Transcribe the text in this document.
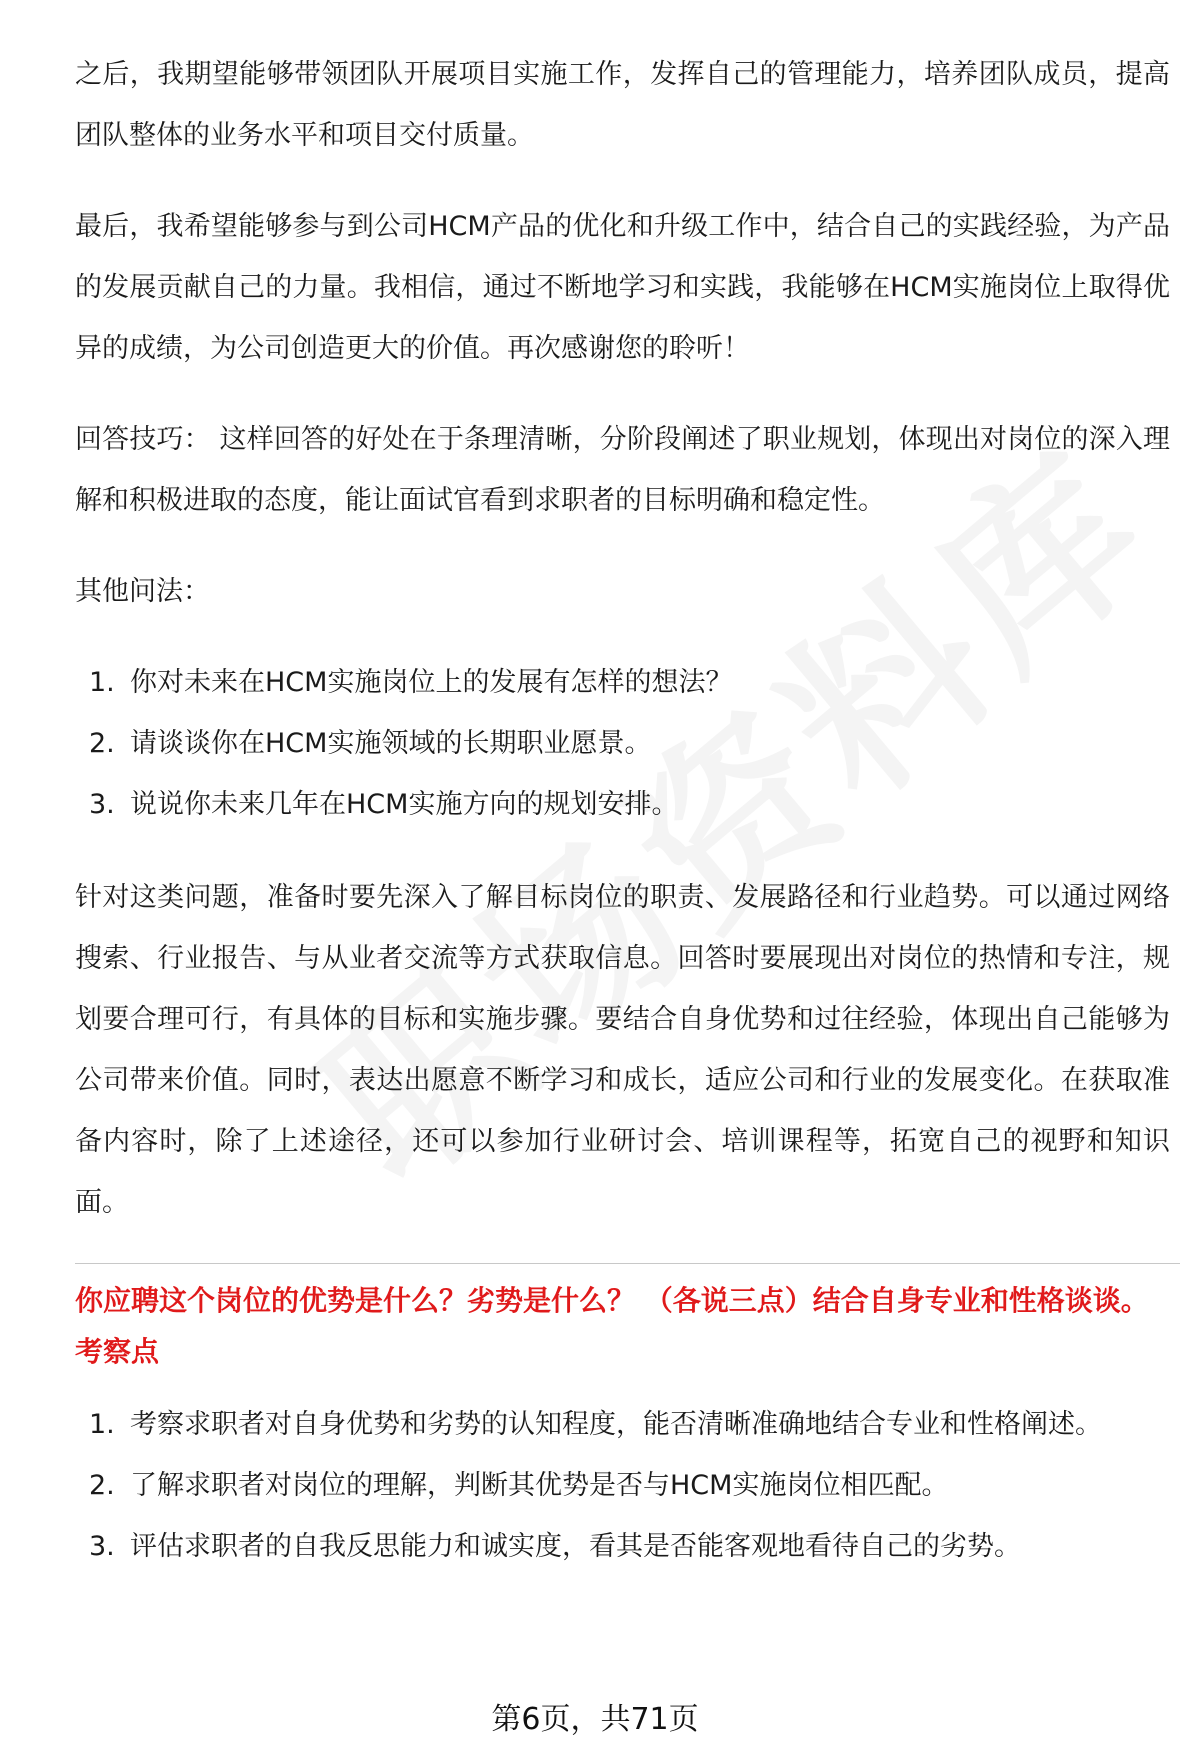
之后，我期望能够带领团队开展项目实施工作，发挥自己的管理能力，培养团队成员，提高团队整体的业务水平和项目交付质量。

最后，我希望能够参与到公司HCM产品的优化和升级工作中，结合自己的实践经验，为产品的发展贡献自己的力量。我相信，通过不断地学习和实践，我能够在HCM实施岗位上取得优异的成绩，为公司创造更大的价值。再次感谢您的聆听！

回答技巧： 这样回答的好处在于条理清晰，分阶段阐述了职业规划，体现出对岗位的深入理解和积极进取的态度，能让面试官看到求职者的目标明确和稳定性。

其他问法：

1. 你对未来在HCM实施岗位上的发展有怎样的想法？
2. 请谈谈你在HCM实施领域的长期职业愿景。
3. 说说你未来几年在HCM实施方向的规划安排。

针对这类问题，准备时要先深入了解目标岗位的职责、发展路径和行业趋势。可以通过网络搜索、行业报告、与从业者交流等方式获取信息。回答时要展现出对岗位的热情和专注，规划要合理可行，有具体的目标和实施步骤。要结合自身优势和过往经验，体现出自己能够为公司带来价值。同时，表达出愿意不断学习和成长，适应公司和行业的发展变化。在获取准备内容时，除了上述途径，还可以参加行业研讨会、培训课程等，拓宽自己的视野和知识面。

你应聘这个岗位的优势是什么？劣势是什么？ （各说三点）结合自身专业和性格谈谈。

考察点

1. 考察求职者对自身优势和劣势的认知程度，能否清晰准确地结合专业和性格阐述。
2. 了解求职者对岗位的理解，判断其优势是否与HCM实施岗位相匹配。
3. 评估求职者的自我反思能力和诚实度，看其是否能客观地看待自己的劣势。
第6页，共71页
